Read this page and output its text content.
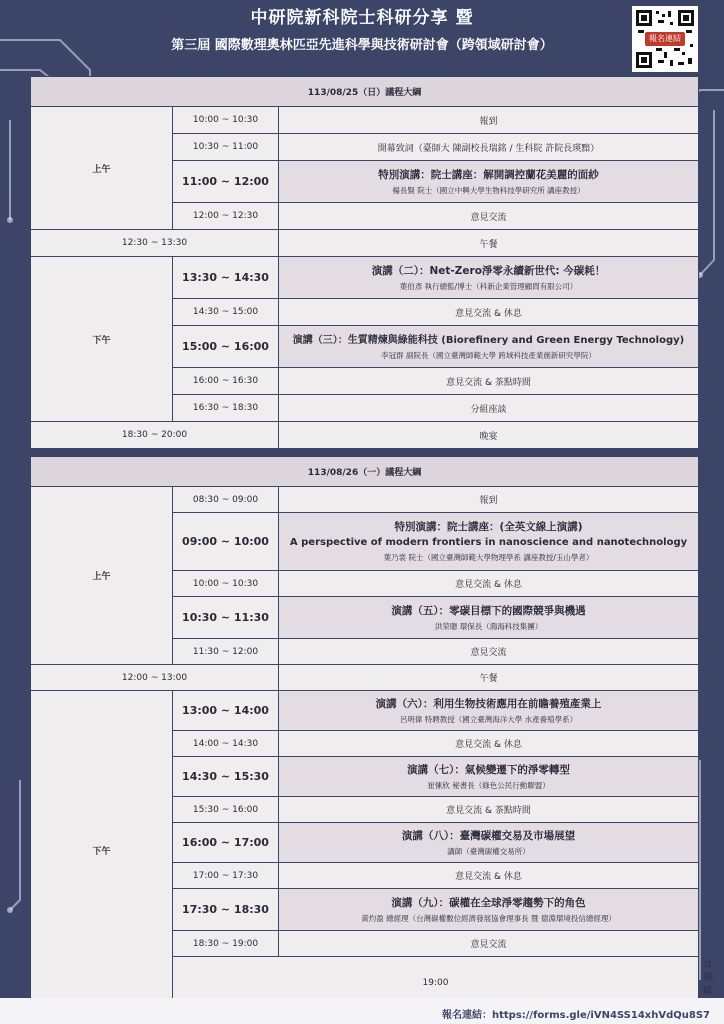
中研院新科院士科研分享 暨
第三屆 國際數理奧林匹亞先進科學與技術研討會（跨領域研討會）	報名連結
113/08/25（日）議程大綱		
上午	10:00 ~ 10:30	報到
	10:30 ~ 11:00	開幕致詞（臺師大 陳副校長瑞銘 / 生科院 許院長瑛黯）
	11:00 ~ 12:00	特別演講：院士講座：解開調控蘭花美麗的面紗
楊長賢 院士（國立中興大學生物科技學研究所 講座教授）

	12:00 ~ 12:30	意見交流
12:30 ~ 13:30		午餐
下午	13:30 ~ 14:30	演講（二）：Net-Zero淨零永續新世代: 今碳耗！
葉伯彥 執行總監/博士（科新企業管理顧問有限公司）

	14:30 ~ 15:00	意見交流 & 休息
	15:00 ~ 16:00	演講（三）：生質精煉與綠能科技 (Biorefinery and Green Energy Technology)
李冠群 副院長（國立臺灣師範大學 跨域科技產業創新研究學院）

	16:00 ~ 16:30	意見交流 & 茶點時間
	16:30 ~ 18:30	分組座談
18:30 ~ 20:00		晚宴
113/08/26（一）議程大綱			
上午	08:30 ~ 09:00	報到	
	09:00 ~ 10:00	特別演講：院士講座：(全英文線上演講)
A perspective of modern frontiers in nanoscience and nanotechnology
葉乃裳 院士（國立臺灣師範大學物理學系 講座教授/玉山學者）	

	10:00 ~ 10:30	意見交流 & 休息	
	10:30 ~ 11:30	演講（五）：零碳目標下的國際競爭與機遇
洪荣聰 環保長（鴻海科技集團）	

	11:30 ~ 12:00	意見交流	
12:00 ~ 13:00		午餐	
下午	13:00 ~ 14:00	演講（六）：利用生物技術應用在前瞻養殖產業上
呂明偉 特聘教授（國立臺灣海洋大學 水產養殖學系）	

	14:00 ~ 14:30	意見交流 & 休息	
	14:30 ~ 15:30	演講（七）：氣候變遷下的淨零轉型
崔愫欣 秘書長（綠色公民行動聯盟）	

	15:30 ~ 16:00	意見交流 & 茶點時間	
	16:00 ~ 17:00	演講（八）：臺灣碳權交易及市場展望
講師（臺灣碳權交易所）	

	17:00 ~ 17:30	意見交流 & 休息	
	17:30 ~ 18:30	演講（九）：碳權在全球淨零趨勢下的角色
黃灼盈 總經理（台灣碳權數位經濟發展協會理事長 暨 德淵環境投信總經理）	

	18:30 ~ 19:00	意見交流	
	19:00		合照、賦
報名連結：https://forms.gle/iVN4SS14xhVdQu8S7
